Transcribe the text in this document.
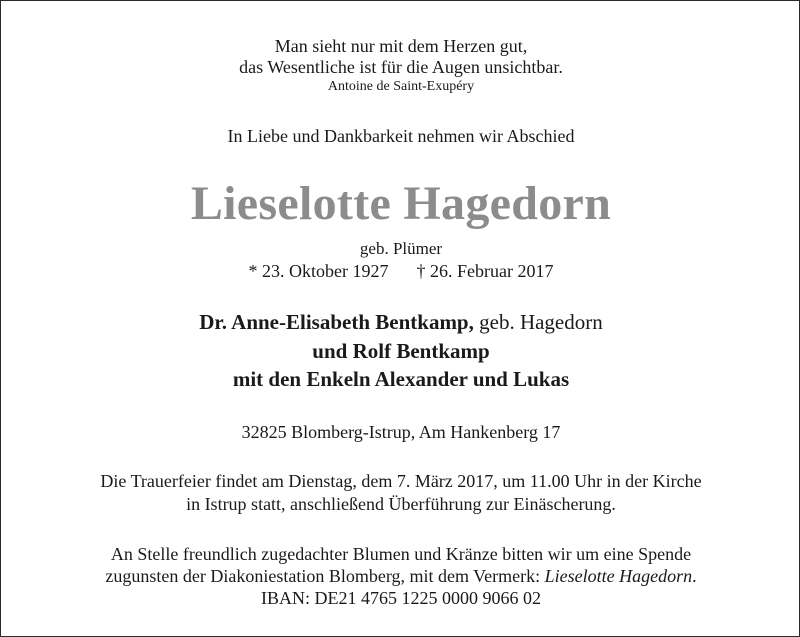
Man sieht nur mit dem Herzen gut,
das Wesentliche ist für die Augen unsichtbar.
Antoine de Saint-Exupéry
In Liebe und Dankbarkeit nehmen wir Abschied
Lieselotte Hagedorn
geb. Plümer
* 23. Oktober 1927 † 26. Februar 2017
Dr. Anne-Elisabeth Bentkamp, geb. Hagedorn
und Rolf Bentkamp
mit den Enkeln Alexander und Lukas
32825 Blomberg-Istrup, Am Hankenberg 17
Die Trauerfeier findet am Dienstag, dem 7. März 2017, um 11.00 Uhr in der Kirche
in Istrup statt, anschließend Überführung zur Einäscherung.
An Stelle freundlich zugedachter Blumen und Kränze bitten wir um eine Spende
zugunsten der Diakoniestation Blomberg, mit dem Vermerk: Lieselotte Hagedorn.
IBAN: DE21 4765 1225 0000 9066 02
